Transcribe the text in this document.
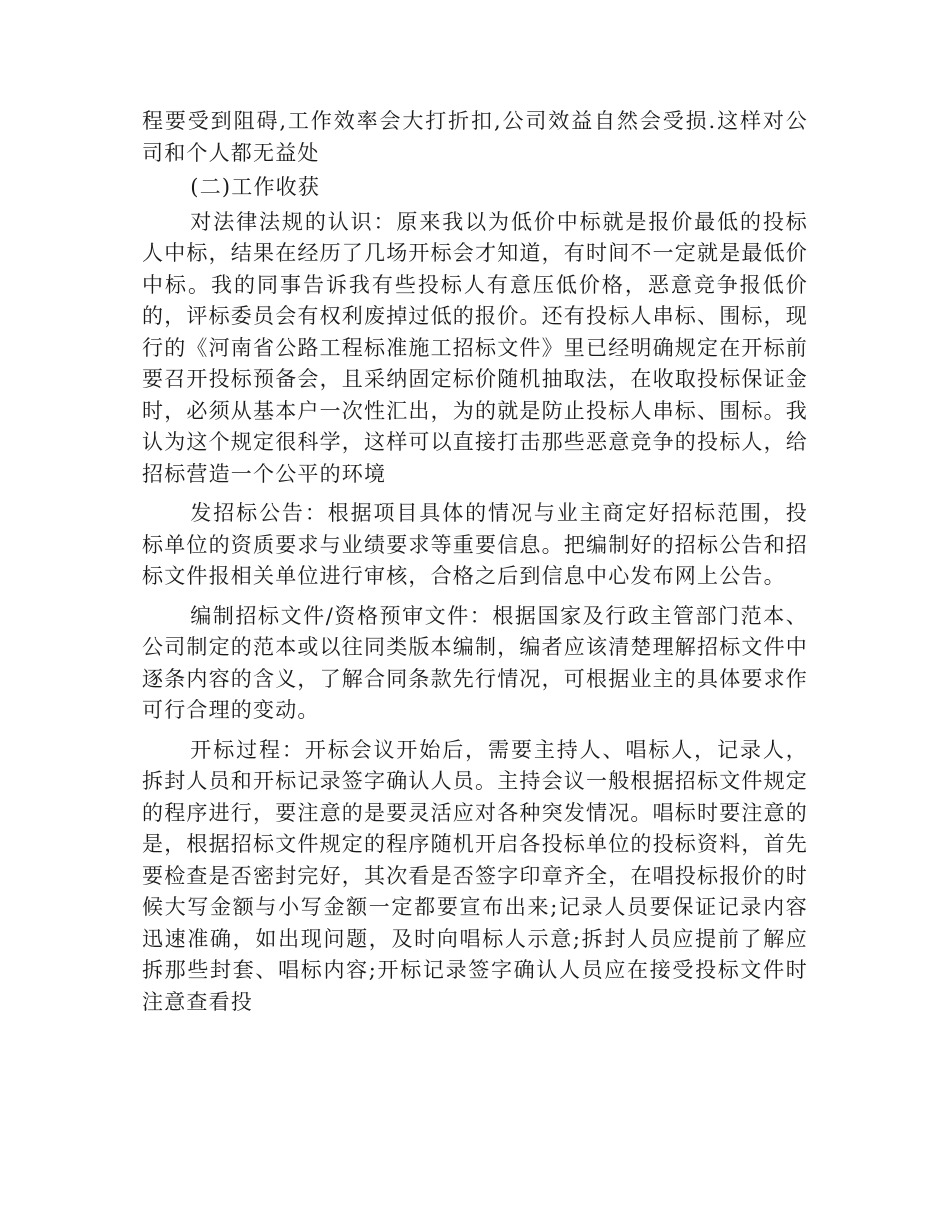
程要受到阻碍,工作效率会大打折扣,公司效益自然会受损.这样对公司和个人都无益处

(二)工作收获

对法律法规的认识：原来我以为低价中标就是报价最低的投标人中标，结果在经历了几场开标会才知道，有时间不一定就是最低价中标。我的同事告诉我有些投标人有意压低价格，恶意竞争报低价的，评标委员会有权利废掉过低的报价。还有投标人串标、围标，现行的《河南省公路工程标准施工招标文件》里已经明确规定在开标前要召开投标预备会，且采纳固定标价随机抽取法，在收取投标保证金时，必须从基本户一次性汇出，为的就是防止投标人串标、围标。我认为这个规定很科学，这样可以直接打击那些恶意竞争的投标人，给招标营造一个公平的环境

发招标公告：根据项目具体的情况与业主商定好招标范围，投标单位的资质要求与业绩要求等重要信息。把编制好的招标公告和招标文件报相关单位进行审核，合格之后到信息中心发布网上公告。

编制招标文件/资格预审文件：根据国家及行政主管部门范本、公司制定的范本或以往同类版本编制，编者应该清楚理解招标文件中逐条内容的含义，了解合同条款先行情况，可根据业主的具体要求作可行合理的变动。

开标过程：开标会议开始后，需要主持人、唱标人，记录人，拆封人员和开标记录签字确认人员。主持会议一般根据招标文件规定的程序进行，要注意的是要灵活应对各种突发情况。唱标时要注意的是，根据招标文件规定的程序随机开启各投标单位的投标资料，首先要检查是否密封完好，其次看是否签字印章齐全，在唱投标报价的时候大写金额与小写金额一定都要宣布出来;记录人员要保证记录内容迅速准确，如出现问题，及时向唱标人示意;拆封人员应提前了解应拆那些封套、唱标内容;开标记录签字确认人员应在接受投标文件时注意查看投
